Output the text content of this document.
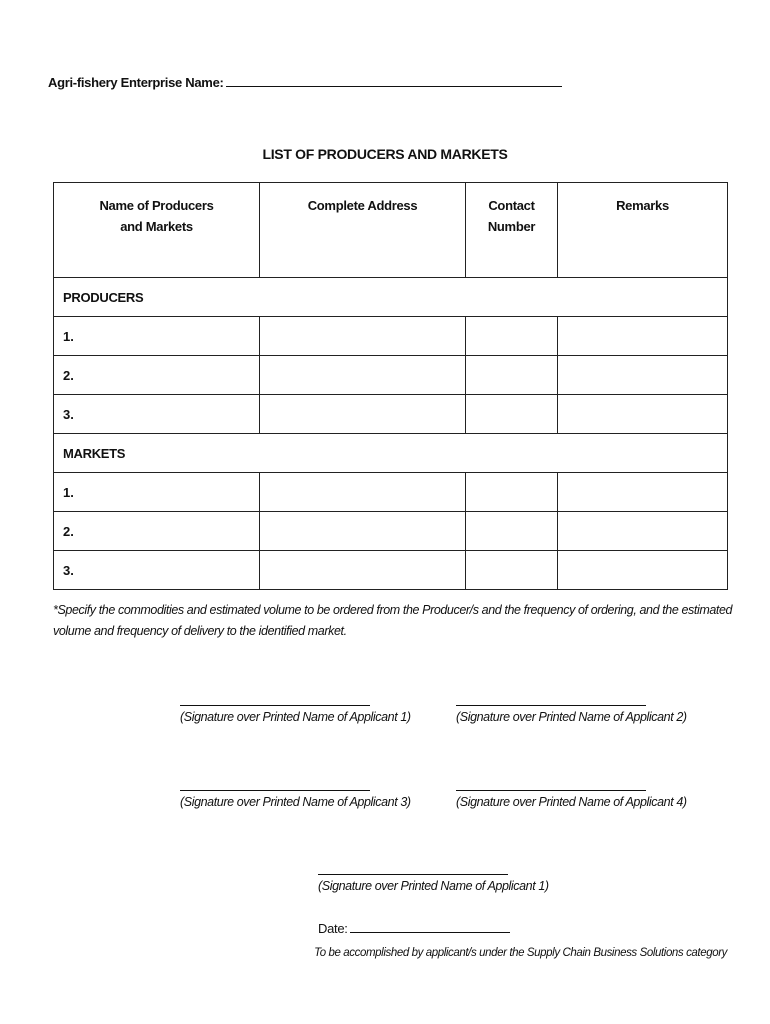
Agri-fishery Enterprise Name:
LIST OF PRODUCERS AND MARKETS
Name of Producers
and Markets	Complete Address	Contact Number	Remarks
PRODUCERS			
1.			
2.			
3.			
MARKETS			
1.			
2.			
3.			
*Specify the commodities and estimated volume to be ordered from the Producer/s and the frequency of ordering, and the estimated volume and frequency of delivery to the identified market.
(Signature over Printed Name of Applicant 1)	(Signature over Printed Name of Applicant 2)
(Signature over Printed Name of Applicant 3)	(Signature over Printed Name of Applicant 4)
(Signature over Printed Name of Applicant 1)
Date:
To be accomplished by applicant/s under the Supply Chain Business Solutions category
